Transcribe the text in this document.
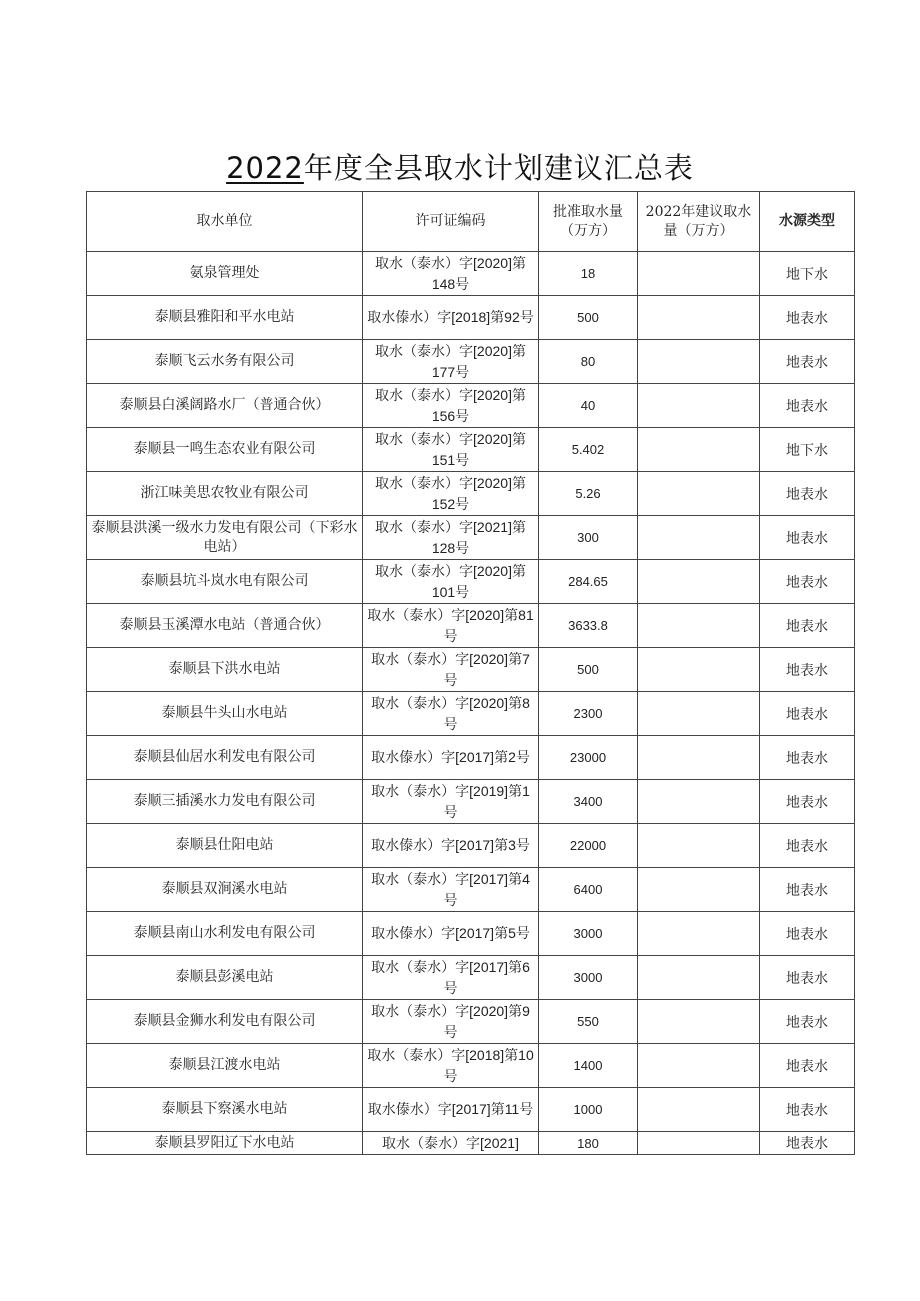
2022年度全县取水计划建议汇总表
取水单位	许可证编码	批准取水量（万方）	2022年建议取水量（万方）	水源类型
氨泉管理处	取水（泰水）字[2020]第148号	18		地下水
泰顺县雅阳和平水电站	取水傣水）字[2018]第92号	500		地表水
泰顺飞云水务有限公司	取水（泰水）字[2020]第177号	80		地表水
泰顺县白溪阔路水厂（普通合伙）	取水（泰水）字[2020]第156号	40		地表水
泰顺县一鸣生态农业有限公司	取水（泰水）字[2020]第151号	5.402		地下水
浙江味美思农牧业有限公司	取水（泰水）字[2020]第152号	5.26		地表水
泰顺县洪溪一级水力发电有限公司（下彩水电站）	取水（泰水）字[2021]第128号	300		地表水
泰顺县坑斗岚水电有限公司	取水（泰水）字[2020]第101号	284.65		地表水
泰顺县玉溪潭水电站（普通合伙）	取水（泰水）字[2020]第81号	3633.8		地表水
泰顺县下洪水电站	取水（泰水）字[2020]第7号	500		地表水
泰顺县牛头山水电站	取水（泰水）字[2020]第8号	2300		地表水
泰顺县仙居水利发电有限公司	取水傣水）字[2017]第2号	23000		地表水
泰顺三插溪水力发电有限公司	取水（泰水）字[2019]第1号	3400		地表水
泰顺县仕阳电站	取水傣水）字[2017]第3号	22000		地表水
泰顺县双涧溪水电站	取水（泰水）字[2017]第4号	6400		地表水
泰顺县南山水利发电有限公司	取水傣水）字[2017]第5号	3000		地表水
泰顺县彭溪电站	取水（泰水）字[2017]第6号	3000		地表水
泰顺县金狮水利发电有限公司	取水（泰水）字[2020]第9号	550		地表水
泰顺县江渡水电站	取水（泰水）字[2018]第10号	1400		地表水
泰顺县下察溪水电站	取水傣水）字[2017]第11号	1000		地表水
泰顺县罗阳辽下水电站	取水（泰水）字[2021]	180		地表水
